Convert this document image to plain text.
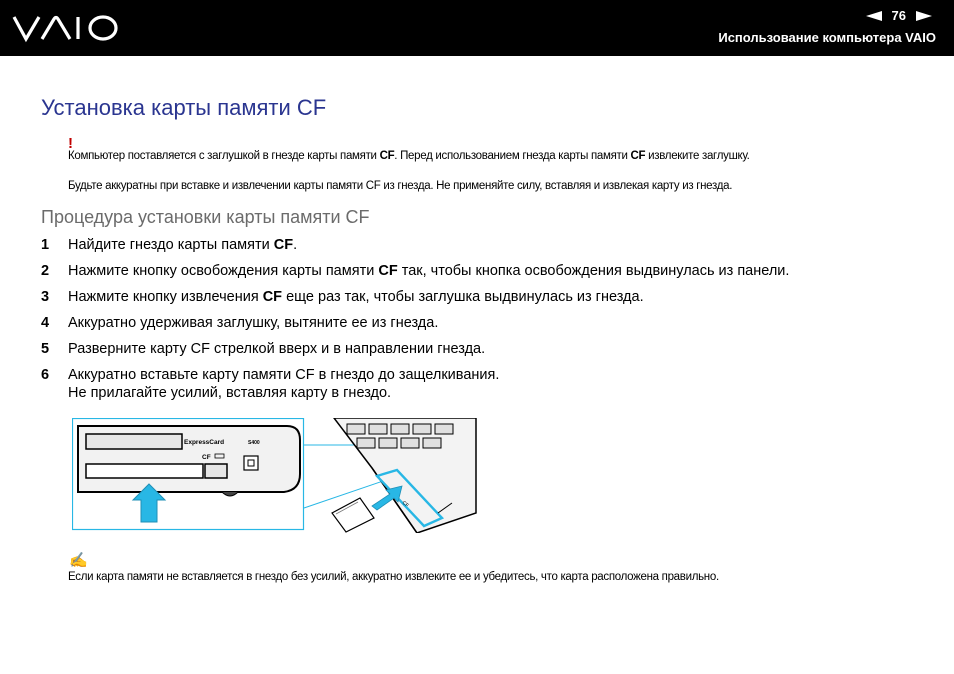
76
Использование компьютера VAIO
Установка карты памяти CF
!
Компьютер поставляется с заглушкой в гнезде карты памяти CF. Перед использованием гнезда карты памяти CF извлеките заглушку.
Будьте аккуратны при вставке и извлечении карты памяти CF из гнезда. Не применяйте силу, вставляя и извлекая карту из гнезда.
Процедура установки карты памяти CF
1 Найдите гнездо карты памяти CF.
2 Нажмите кнопку освобождения карты памяти CF так, чтобы кнопка освобождения выдвинулась из панели.
3 Нажмите кнопку извлечения CF еще раз так, чтобы заглушка выдвинулась из гнезда.
4 Аккуратно удерживая заглушку, вытяните ее из гнезда.
5 Разверните карту CF стрелкой вверх и в направлении гнезда.
6 Аккуратно вставьте карту памяти CF в гнездо до защелкивания.
Не прилагайте усилий, вставляя карту в гнездо.
ExpressCard	S400
CF
CF
✍
Если карта памяти не вставляется в гнездо без усилий, аккуратно извлеките ее и убедитесь, что карта расположена правильно.
